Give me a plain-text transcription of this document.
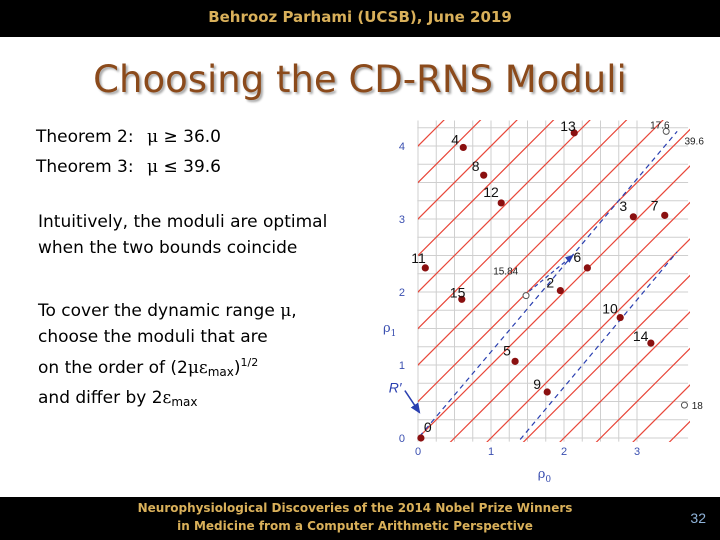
Behrooz Parhami (UCSB), June 2019
Choosing the CD-RNS Moduli
Theorem 2: μ ≥ 36.0
Theorem 3: μ ≤ 39.6
Intuitively, the moduli are optimal
when the two bounds coincide
To cover the dynamic range μ,
choose the moduli that are
on the order of $(2\mu\varepsilon_{max})^{1/2}$
and differ by $2\varepsilon_{max}$
0	1	2	3
0
1
2
3
4
$\rho_0$
$\rho_1$
0
2
3
4
5
6
7
8
9
10
11
12
13
14
15
17.6
39.6
15.84
18
R′
Neurophysiological Discoveries of the 2014 Nobel Prize Winners
in Medicine from a Computer Arithmetic Perspective	32
